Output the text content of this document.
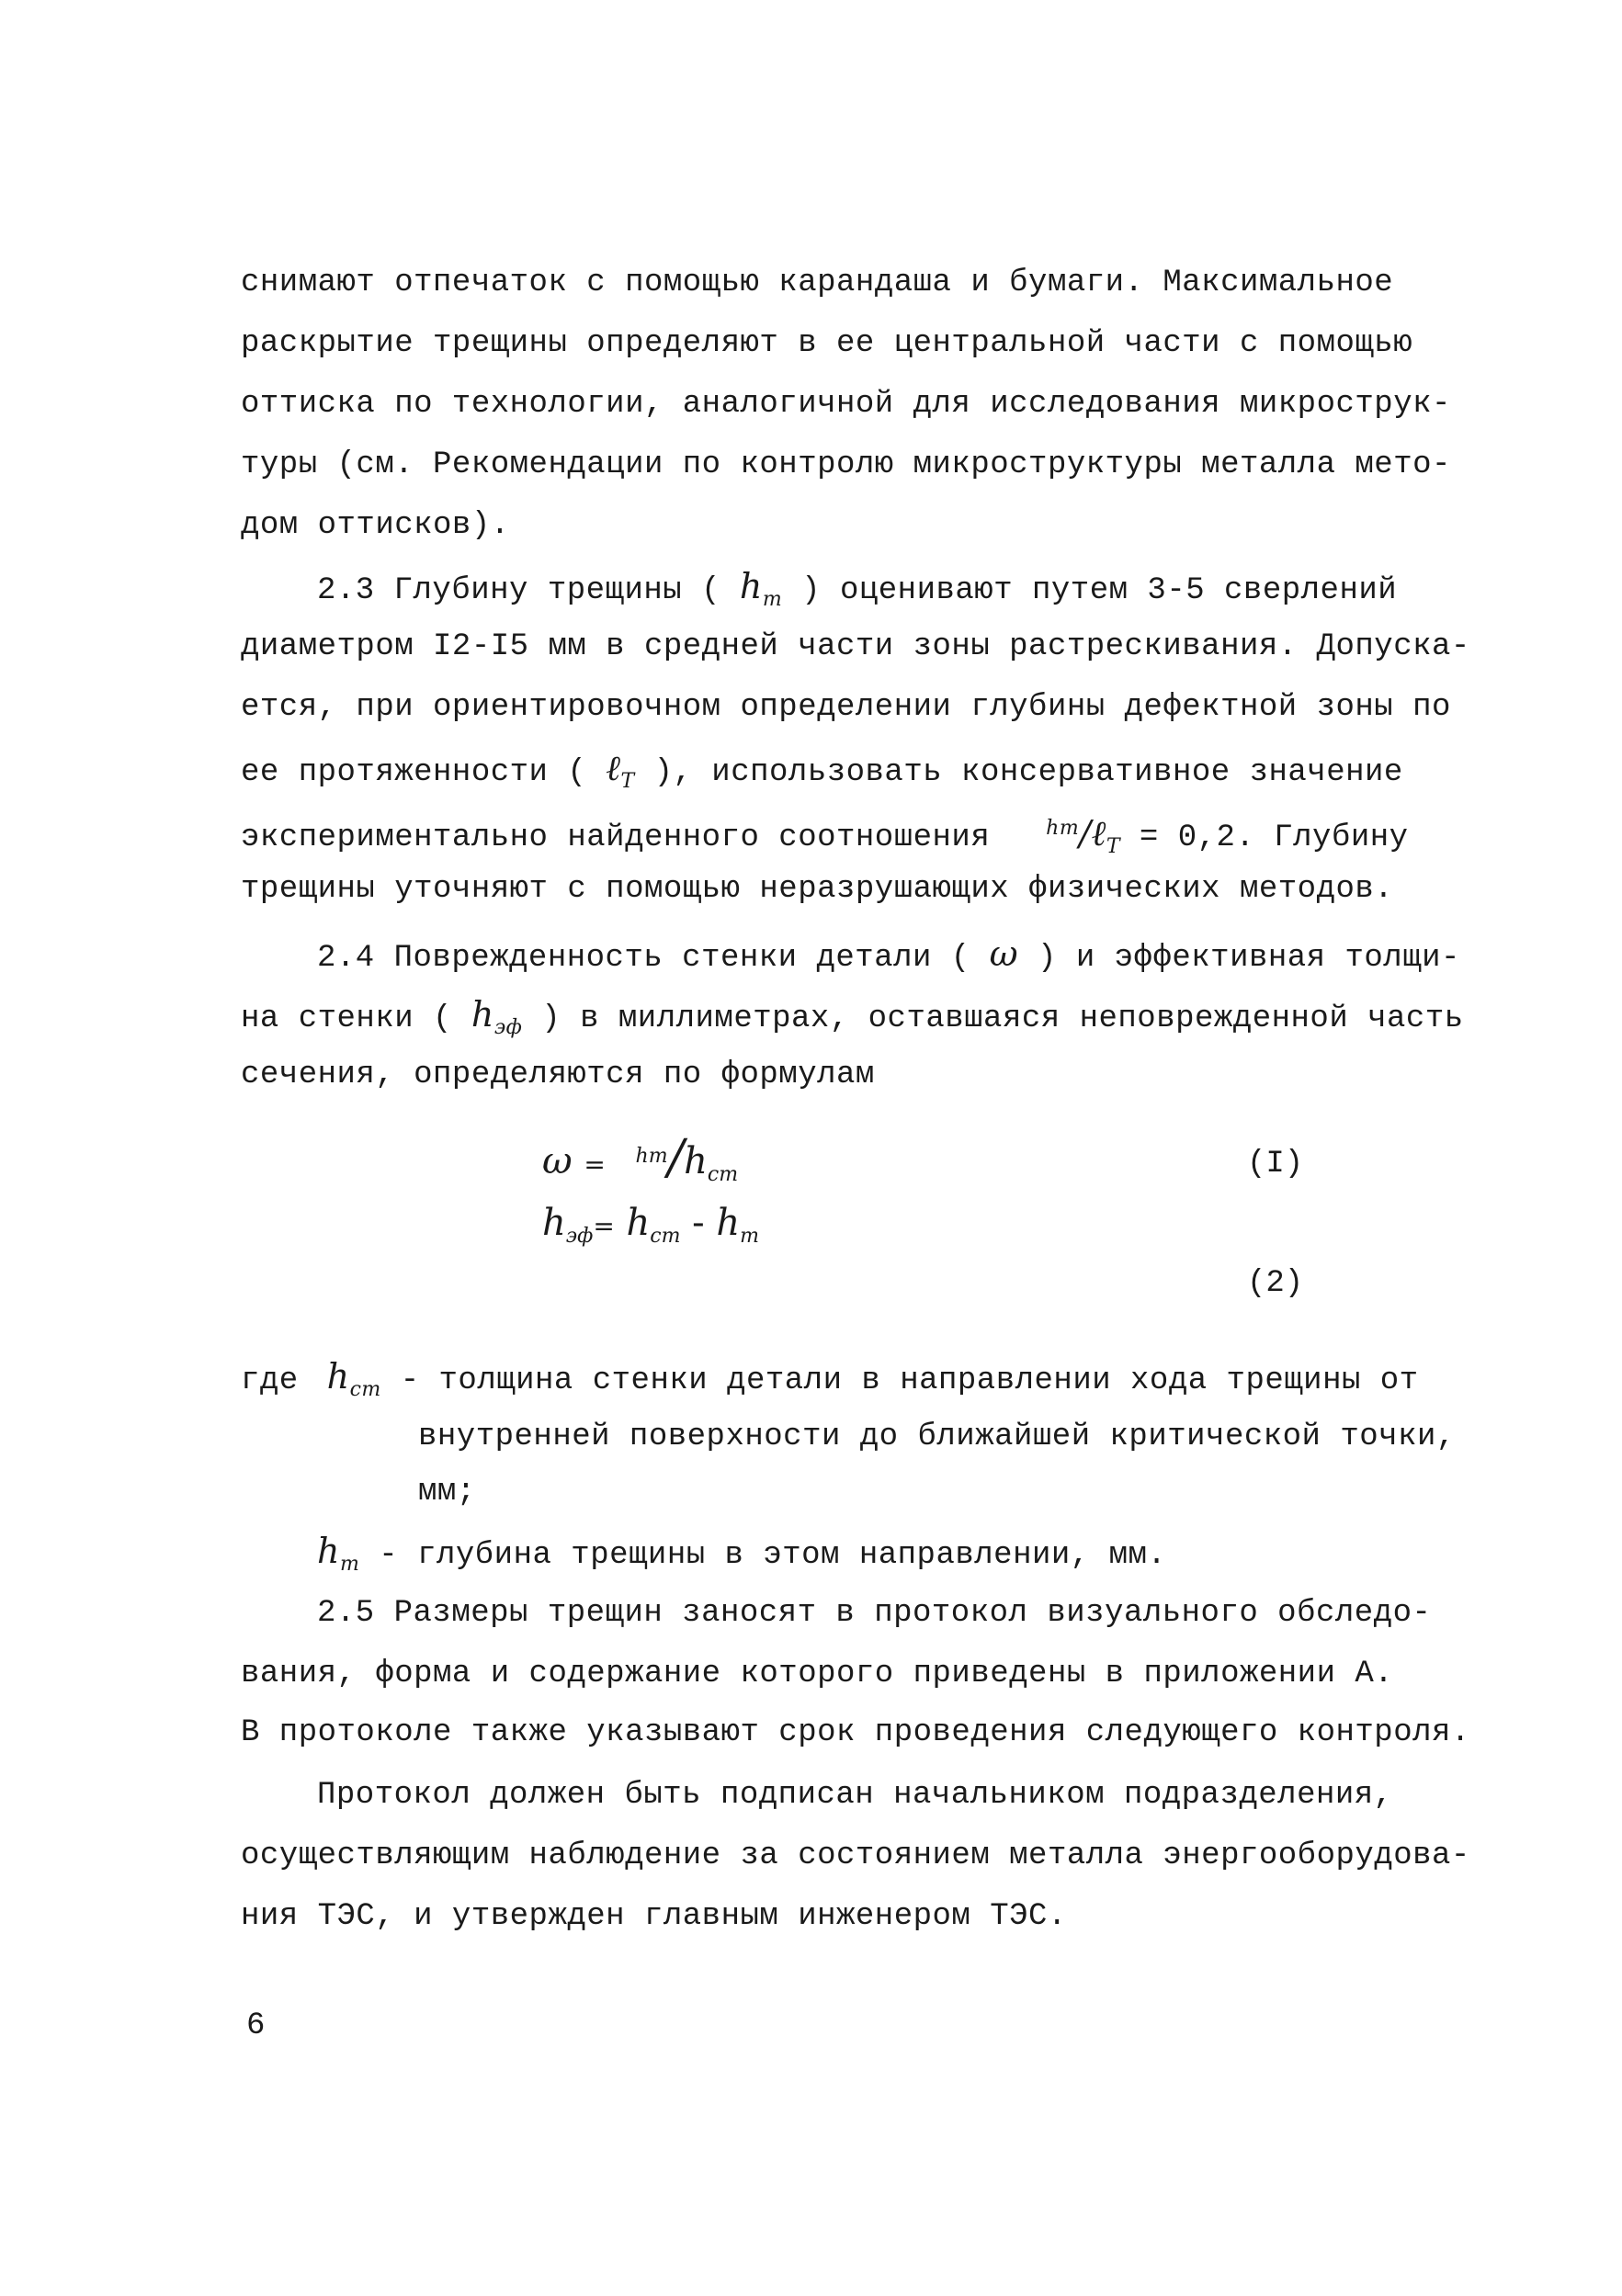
снимают отпечаток с помощью карандаша и бумаги. Максимальное
раскрытие трещины определяют в ее центральной части с помощью
оттиска по технологии, аналогичной для исследования микрострук-
туры (см. Рекомендации по контролю микроструктуры металла мето-
дом оттисков).
2.3 Глубину трещины ( $h_т$ ) оценивают путем 3-5 сверлений
диаметром I2-I5 мм в средней части зоны растрескивания. Допуска-
ется, при ориентировочном определении глубины дефектной зоны по
ее протяженности ( ℓ$_T$ ), использовать консервативное значение
экспериментально найденного соотношения	$^{hт}$/ℓ$_T$ = 0,2. Глубину
трещины уточняют с помощью неразрушающих физических методов.
2.4 Поврежденность стенки детали ( ω ) и эффективная толщи-
на стенки ( $h_{эф}$ ) в миллиметрах, оставшаяся неповрежденной часть
сечения, определяются по формулам
$\omega = ^{hт}/h_{ст}$	(I)
$h_{эф}= h_{ст} - h_т$
(2)
где $h_{ст}$ - толщина стенки детали в направлении хода трещины от
внутренней поверхности до ближайшей критической точки,
мм;
$h_т$ - глубина трещины в этом направлении, мм.
2.5 Размеры трещин заносят в протокол визуального обследо-
вания, форма и содержание которого приведены в приложении А.
В протоколе также указывают срок проведения следующего контроля.
Протокол должен быть подписан начальником подразделения,
осуществляющим наблюдение за состоянием металла энергооборудова-
ния ТЭС, и утвержден главным инженером ТЭС.
6
